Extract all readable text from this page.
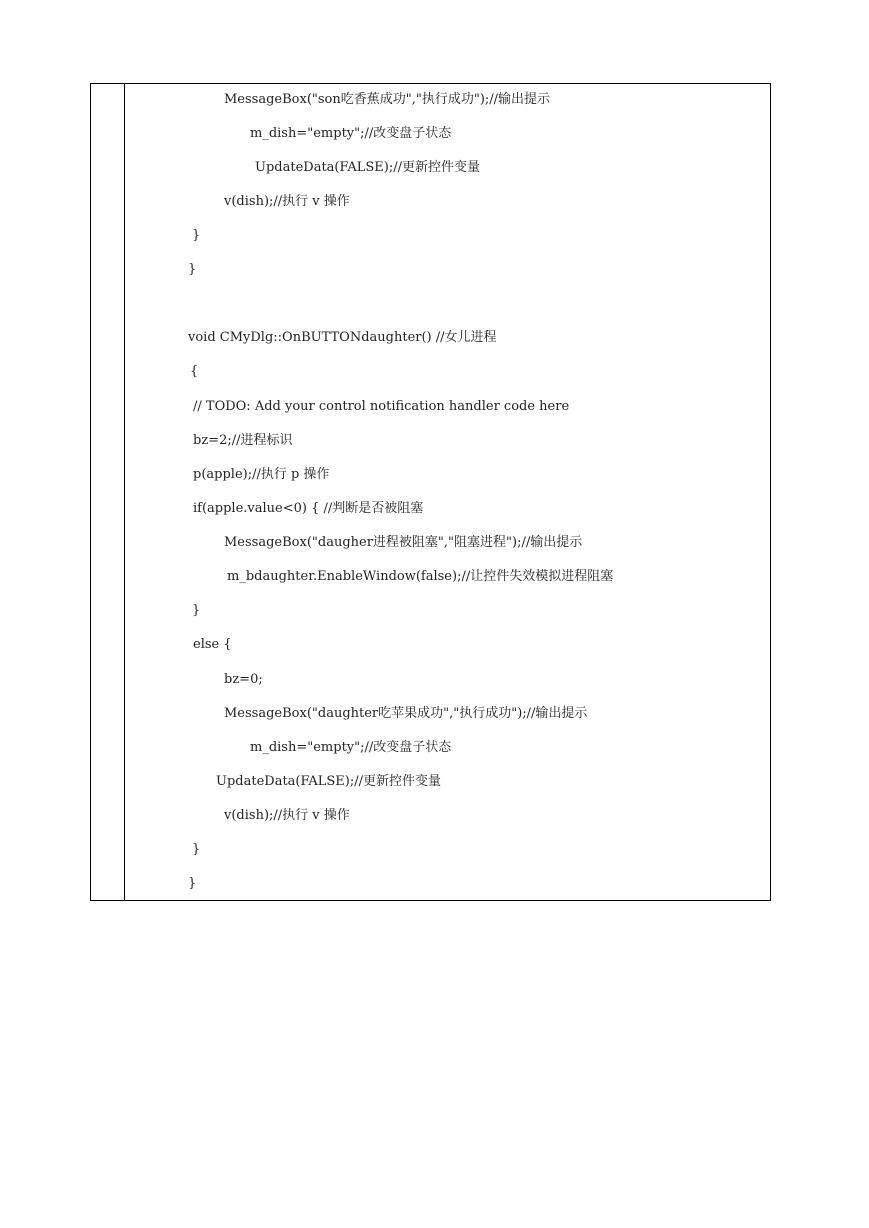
MessageBox("son吃香蕉成功","执行成功");//输出提示
m_dish="empty";//改变盘子状态
UpdateData(FALSE);//更新控件变量
v(dish);//执行 v 操作
}
}
void CMyDlg::OnBUTTONdaughter() //女儿进程
{
// TODO: Add your control notification handler code here
bz=2;//进程标识
p(apple);//执行 p 操作
if(apple.value<0) { //判断是否被阻塞
MessageBox("daugher进程被阻塞","阻塞进程");//输出提示
m_bdaughter.EnableWindow(false);//让控件失效模拟进程阻塞
}
else {
bz=0;
MessageBox("daughter吃苹果成功","执行成功");//输出提示
m_dish="empty";//改变盘子状态
UpdateData(FALSE);//更新控件变量
v(dish);//执行 v 操作
}
}
